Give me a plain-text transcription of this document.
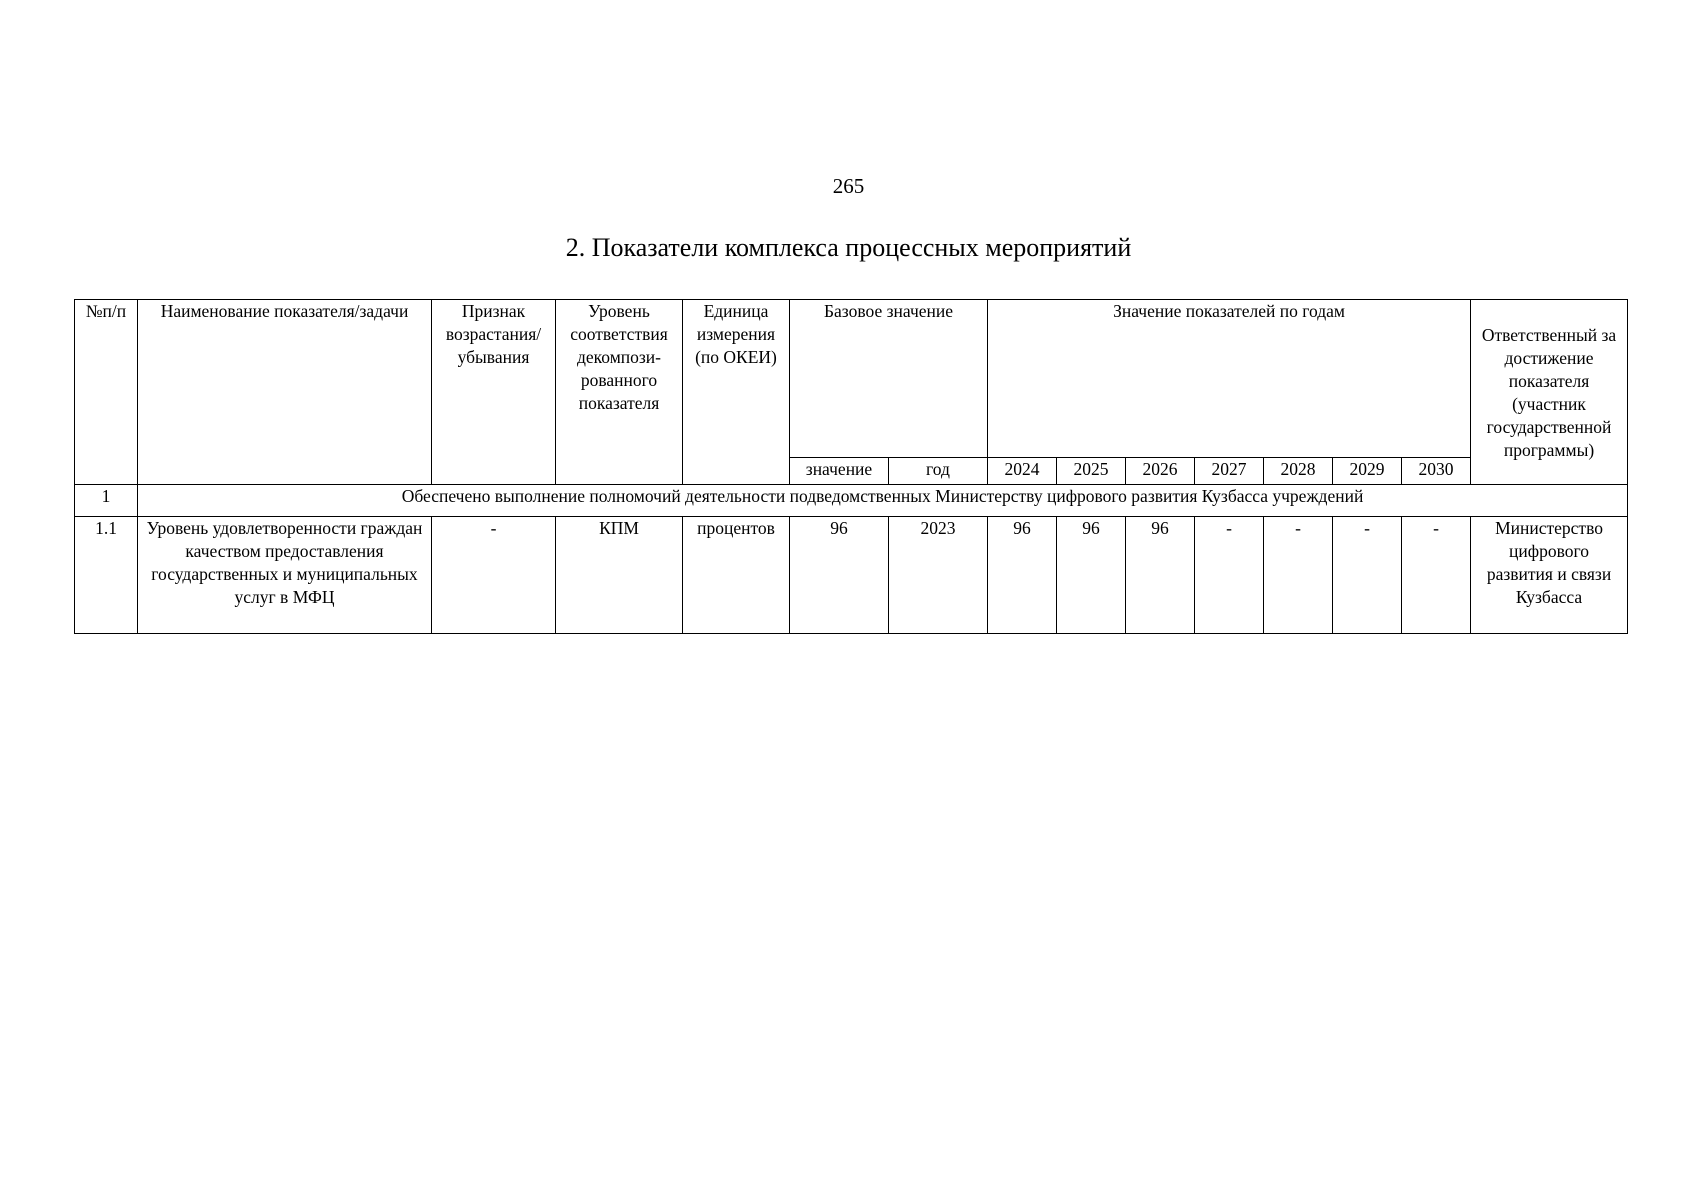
265
2. Показатели комплекса процессных мероприятий
№п/п	Наименование показателя/задачи	Признак возрастания/ убывания	Уровень соответствия декомпози-рованного показателя	Единица измерения (по ОКЕИ)	Базовое значение		Значение показателей по годам							Ответственный за достижение показателя (участник государственной программы)
					значение	год	2024	2025	2026	2027	2028	2029	2030	
1	Обеспечено выполнение полномочий деятельности подведомственных Министерству цифрового развития Кузбасса учреждений													
1.1	Уровень удовлетворенности граждан качеством предоставления государственных и муниципальных услуг в МФЦ	-	КПМ	процентов	96	2023	96	96	96	-	-	-	-	Министерство цифрового развития и связи Кузбасса
